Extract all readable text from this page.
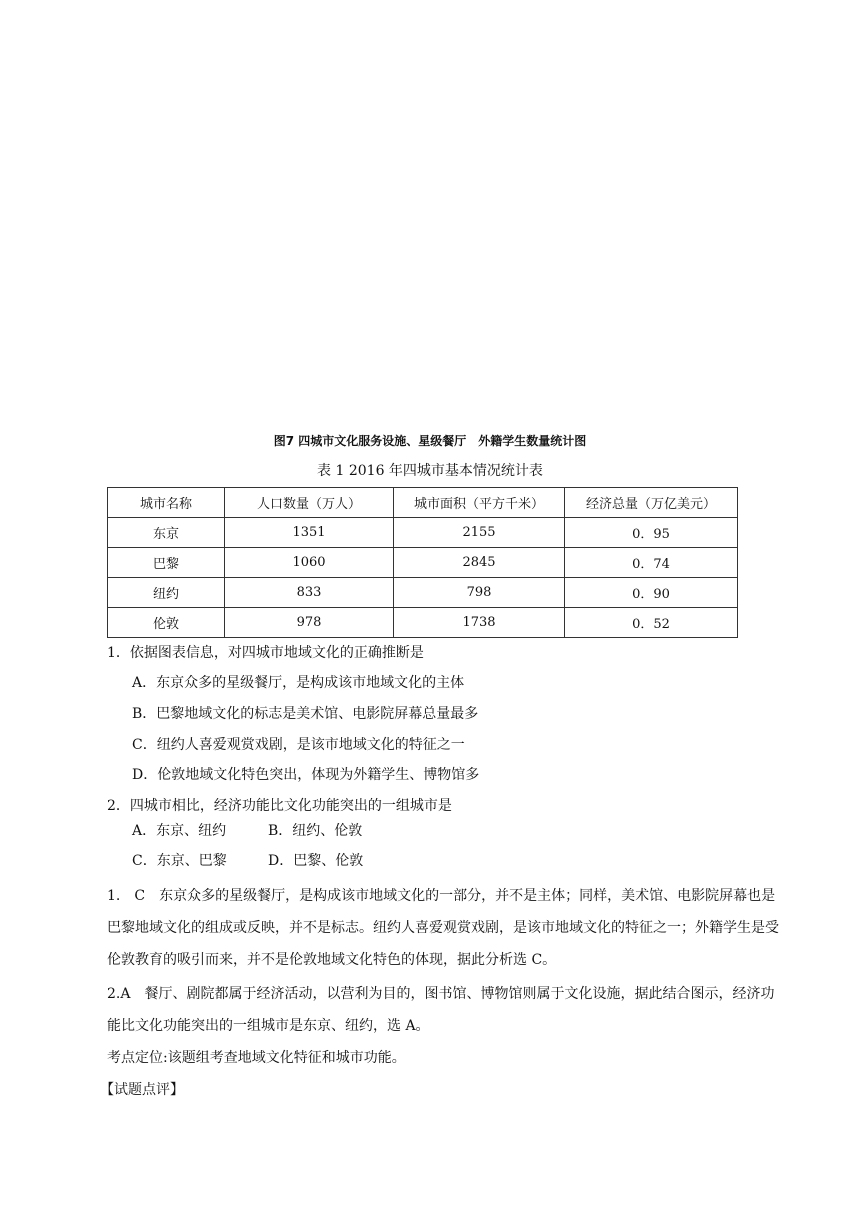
图7 四城市文化服务设施、星级餐厅　外籍学生数量统计图
表 1 2016 年四城市基本情况统计表
城市名称	人口数量（万人）	城市面积（平方千米）	经济总量（万亿美元）
东京	1351	2155	0．95
巴黎	1060	2845	0．74
纽约	833	798	0．90
伦敦	978	1738	0．52
1．依据图表信息，对四城市地域文化的正确推断是
A．东京众多的星级餐厅，是构成该市地域文化的主体
B．巴黎地域文化的标志是美术馆、电影院屏幕总量最多
C．纽约人喜爱观赏戏剧，是该市地域文化的特征之一
D．伦敦地域文化特色突出，体现为外籍学生、博物馆多
2．四城市相比，经济功能比文化功能突出的一组城市是
A．东京、纽约	B．纽约、伦敦
C．东京、巴黎	D．巴黎、伦敦
1.　C　东京众多的星级餐厅，是构成该市地域文化的一部分，并不是主体；同样，美术馆、电影院屏幕也是巴黎地域文化的组成或反映，并不是标志。纽约人喜爱观赏戏剧，是该市地域文化的特征之一；外籍学生是受伦敦教育的吸引而来，并不是伦敦地域文化特色的体现，据此分析选 C。
2.A　餐厅、剧院都属于经济活动，以营利为目的，图书馆、博物馆则属于文化设施，据此结合图示，经济功能比文化功能突出的一组城市是东京、纽约，选 A。
考点定位:该题组考查地域文化特征和城市功能。
【试题点评】
